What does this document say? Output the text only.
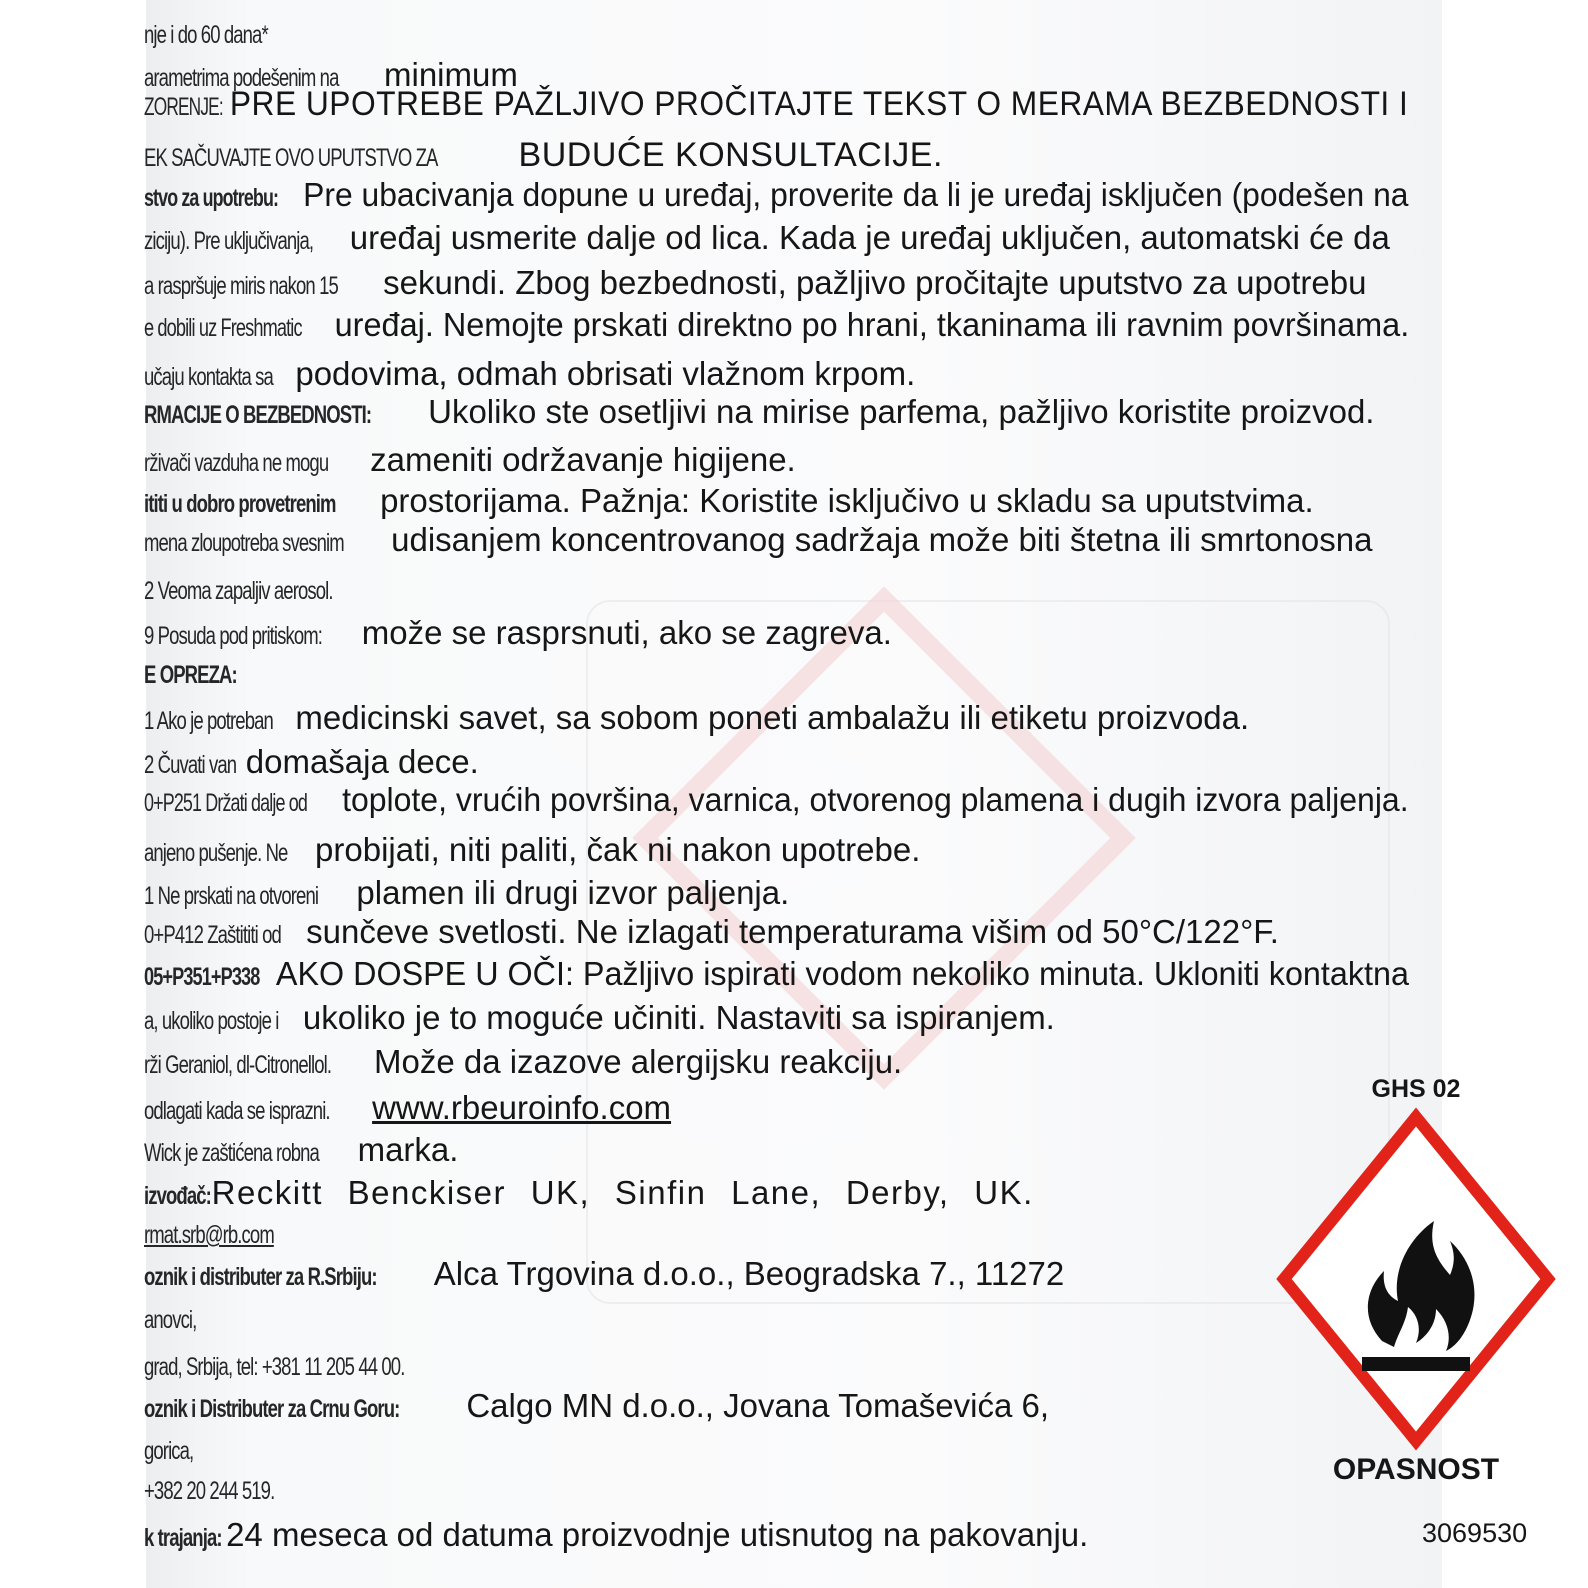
nje i do 60 dana*
arametrima podešenim na minimum
ZORENJE: PRE UPOTREBE PAŽLJIVO PROČITAJTE TEKST O MERAMA BEZBEDNOSTI I
EK SAČUVAJTE OVO UPUTSTVO ZA BUDUĆE KONSULTACIJE.
stvo za upotrebu: Pre ubacivanja dopune u uređaj, proverite da li je uređaj isključen (podešen na
ziciju). Pre uključivanja, uređaj usmerite dalje od lica. Kada je uređaj uključen, automatski će da
a raspršuje miris nakon 15 sekundi. Zbog bezbednosti, pažljivo pročitajte uputstvo za upotrebu
e dobili uz Freshmatic uređaj. Nemojte prskati direktno po hrani, tkaninama ili ravnim površinama.
učaju kontakta sa podovima, odmah obrisati vlažnom krpom.
RMACIJE O BEZBEDNOSTI: Ukoliko ste osetljivi na mirise parfema, pažljivo koristite proizvod.
rživači vazduha ne mogu zameniti održavanje higijene.
ititi u dobro provetrenim prostorijama. Pažnja: Koristite isključivo u skladu sa uputstvima.
mena zloupotreba svesnim udisanjem koncentrovanog sadržaja može biti štetna ili smrtonosna
2 Veoma zapaljiv aerosol.
9 Posuda pod pritiskom: može se rasprsnuti, ako se zagreva.
E OPREZA:
1 Ako je potreban medicinski savet, sa sobom poneti ambalažu ili etiketu proizvoda.
2 Čuvati van domašaja dece.
0+P251 Držati dalje od toplote, vrućih površina, varnica, otvorenog plamena i dugih izvora paljenja.
anjeno pušenje. Ne probijati, niti paliti, čak ni nakon upotrebe.
1 Ne prskati na otvoreni plamen ili drugi izvor paljenja.
0+P412 Zaštititi od sunčeve svetlosti. Ne izlagati temperaturama višim od 50°C/122°F.
05+P351+P338 AKO DOSPE U OČI: Pažljivo ispirati vodom nekoliko minuta. Ukloniti kontaktna
a, ukoliko postoje i ukoliko je to moguće učiniti. Nastaviti sa ispiranjem.
rži Geraniol, dl-Citronellol. Može da izazove alergijsku reakciju.
odlagati kada se isprazni. www.rbeuroinfo.com
Wick je zaštićena robna marka.
izvođač: Reckitt Benckiser UK, Sinfin Lane, Derby, UK.
rmat.srb@rb.com
oznik i distributer za R.Srbiju: Alca Trgovina d.o.o., Beogradska 7., 11272
anovci,
grad, Srbija, tel: +381 11 205 44 00.
oznik i Distributer za Crnu Goru: Calgo MN d.o.o., Jovana Tomaševića 6,
gorica,
+382 20 244 519.
k trajanja: 24 meseca od datuma proizvodnje utisnutog na pakovanju.
GHS 02
OPASNOST
3069530
